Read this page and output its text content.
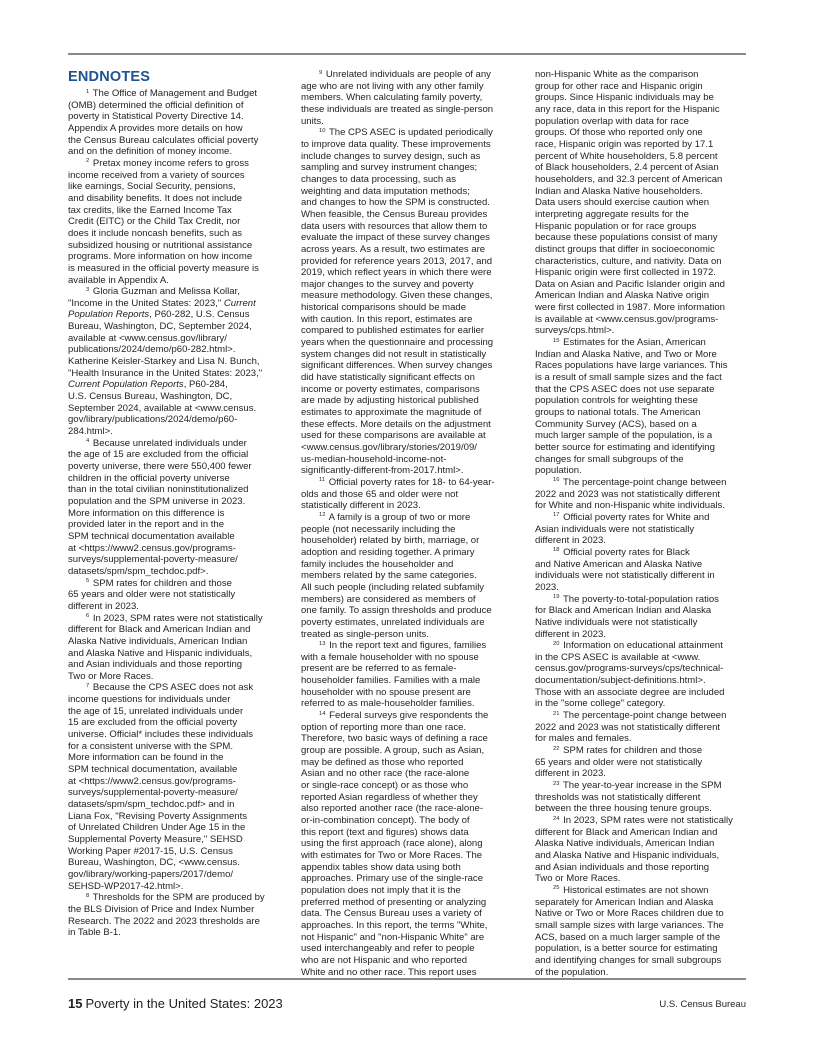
ENDNOTES
$^1$ The Office of Management and Budget
(OMB) determined the official definition of
poverty in Statistical Poverty Directive 14.
Appendix A provides more details on how
the Census Bureau calculates official poverty
and on the definition of money income.
$^2$ Pretax money income refers to gross
income received from a variety of sources
like earnings, Social Security, pensions,
and disability benefits. It does not include
tax credits, like the Earned Income Tax
Credit (EITC) or the Child Tax Credit, nor
does it include noncash benefits, such as
subsidized housing or nutritional assistance
programs. More information on how income
is measured in the official poverty measure is
available in Appendix A.
$^3$ Gloria Guzman and Melissa Kollar,
"Income in the United States: 2023," Current
Population Reports, P60-282, U.S. Census
Bureau, Washington, DC, September 2024,
available at <www.census.gov/library/
publications/2024/demo/p60-282.html>.
Katherine Keisler-Starkey and Lisa N. Bunch,
"Health Insurance in the United States: 2023,"
Current Population Reports, P60-284,
U.S. Census Bureau, Washington, DC,
September 2024, available at <www.census.
gov/library/publications/2024/demo/p60-
284.html>.
$^4$ Because unrelated individuals under
the age of 15 are excluded from the official
poverty universe, there were 550,400 fewer
children in the official poverty universe
than in the total civilian noninstitutionalized
population and the SPM universe in 2023.
More information on this difference is
provided later in the report and in the
SPM technical documentation available
at <https://www2.census.gov/programs-
surveys/supplemental-poverty-measure/
datasets/spm/spm_techdoc.pdf>.
$^5$ SPM rates for children and those
65 years and older were not statistically
different in 2023.
$^6$ In 2023, SPM rates were not statistically
different for Black and American Indian and
Alaska Native individuals, American Indian
and Alaska Native and Hispanic individuals,
and Asian individuals and those reporting
Two or More Races.
$^7$ Because the CPS ASEC does not ask
income questions for individuals under
the age of 15, unrelated individuals under
15 are excluded from the official poverty
universe. Official* includes these individuals
for a consistent universe with the SPM.
More information can be found in the
SPM technical documentation, available
at <https://www2.census.gov/programs-
surveys/supplemental-poverty-measure/
datasets/spm/spm_techdoc.pdf> and in
Liana Fox, "Revising Poverty Assignments
of Unrelated Children Under Age 15 in the
Supplemental Poverty Measure," SEHSD
Working Paper #2017-15, U.S. Census
Bureau, Washington, DC, <www.census.
gov/library/working-papers/2017/demo/
SEHSD-WP2017-42.html>.
$^8$ Thresholds for the SPM are produced by
the BLS Division of Price and Index Number
Research. The 2022 and 2023 thresholds are
in Table B-1.
$^9$ Unrelated individuals are people of any
age who are not living with any other family
members. When calculating family poverty,
these individuals are treated as single-person
units.
$^{10}$ The CPS ASEC is updated periodically
to improve data quality. These improvements
include changes to survey design, such as
sampling and survey instrument changes;
changes to data processing, such as
weighting and data imputation methods;
and changes to how the SPM is constructed.
When feasible, the Census Bureau provides
data users with resources that allow them to
evaluate the impact of these survey changes
across years. As a result, two estimates are
provided for reference years 2013, 2017, and
2019, which reflect years in which there were
major changes to the survey and poverty
measure methodology. Given these changes,
historical comparisons should be made
with caution. In this report, estimates are
compared to published estimates for earlier
years when the questionnaire and processing
system changes did not result in statistically
significant differences. When survey changes
did have statistically significant effects on
income or poverty estimates, comparisons
are made by adjusting historical published
estimates to approximate the magnitude of
these effects. More details on the adjustment
used for these comparisons are available at
<www.census.gov/library/stories/2019/09/
us-median-household-income-not-
significantly-different-from-2017.html>.
$^{11}$ Official poverty rates for 18- to 64-year-
olds and those 65 and older were not
statistically different in 2023.
$^{12}$ A family is a group of two or more
people (not necessarily including the
householder) related by birth, marriage, or
adoption and residing together. A primary
family includes the householder and
members related by the same categories.
All such people (including related subfamily
members) are considered as members of
one family. To assign thresholds and produce
poverty estimates, unrelated individuals are
treated as single-person units.
$^{13}$ In the report text and figures, families
with a female householder with no spouse
present are be referred to as female-
householder families. Families with a male
householder with no spouse present are
referred to as male-householder families.
$^{14}$ Federal surveys give respondents the
option of reporting more than one race.
Therefore, two basic ways of defining a race
group are possible. A group, such as Asian,
may be defined as those who reported
Asian and no other race (the race-alone
or single-race concept) or as those who
reported Asian regardless of whether they
also reported another race (the race-alone-
or-in-combination concept). The body of
this report (text and figures) shows data
using the first approach (race alone), along
with estimates for Two or More Races. The
appendix tables show data using both
approaches. Primary use of the single-race
population does not imply that it is the
preferred method of presenting or analyzing
data. The Census Bureau uses a variety of
approaches. In this report, the terms "White,
not Hispanic" and "non-Hispanic White" are
used interchangeably and refer to people
who are not Hispanic and who reported
White and no other race. This report uses
non-Hispanic White as the comparison
group for other race and Hispanic origin
groups. Since Hispanic individuals may be
any race, data in this report for the Hispanic
population overlap with data for race
groups. Of those who reported only one
race, Hispanic origin was reported by 17.1
percent of White householders, 5.8 percent
of Black householders, 2.4 percent of Asian
householders, and 32.3 percent of American
Indian and Alaska Native householders.
Data users should exercise caution when
interpreting aggregate results for the
Hispanic population or for race groups
because these populations consist of many
distinct groups that differ in socioeconomic
characteristics, culture, and nativity. Data on
Hispanic origin were first collected in 1972.
Data on Asian and Pacific Islander origin and
American Indian and Alaska Native origin
were first collected in 1987. More information
is available at <www.census.gov/programs-
surveys/cps.html>.
$^{15}$ Estimates for the Asian, American
Indian and Alaska Native, and Two or More
Races populations have large variances. This
is a result of small sample sizes and the fact
that the CPS ASEC does not use separate
population controls for weighting these
groups to national totals. The American
Community Survey (ACS), based on a
much larger sample of the population, is a
better source for estimating and identifying
changes for small subgroups of the
population.
$^{16}$ The percentage-point change between
2022 and 2023 was not statistically different
for White and non-Hispanic white individuals.
$^{17}$ Official poverty rates for White and
Asian individuals were not statistically
different in 2023.
$^{18}$ Official poverty rates for Black
and Native American and Alaska Native
individuals were not statistically different in
2023.
$^{19}$ The poverty-to-total-population ratios
for Black and American Indian and Alaska
Native individuals were not statistically
different in 2023.
$^{20}$ Information on educational attainment
in the CPS ASEC is available at <www.
census.gov/programs-surveys/cps/technical-
documentation/subject-definitions.html>.
Those with an associate degree are included
in the "some college" category.
$^{21}$ The percentage-point change between
2022 and 2023 was not statistically different
for males and females.
$^{22}$ SPM rates for children and those
65 years and older were not statistically
different in 2023.
$^{23}$ The year-to-year increase in the SPM
thresholds was not statistically different
between the three housing tenure groups.
$^{24}$ In 2023, SPM rates were not statistically
different for Black and American Indian and
Alaska Native individuals, American Indian
and Alaska Native and Hispanic individuals,
and Asian individuals and those reporting
Two or More Races.
$^{25}$ Historical estimates are not shown
separately for American Indian and Alaska
Native or Two or More Races children due to
small sample sizes with large variances. The
ACS, based on a much larger sample of the
population, is a better source for estimating
and identifying changes for small subgroups
of the population.
15 Poverty in the United States: 2023	U.S. Census Bureau
